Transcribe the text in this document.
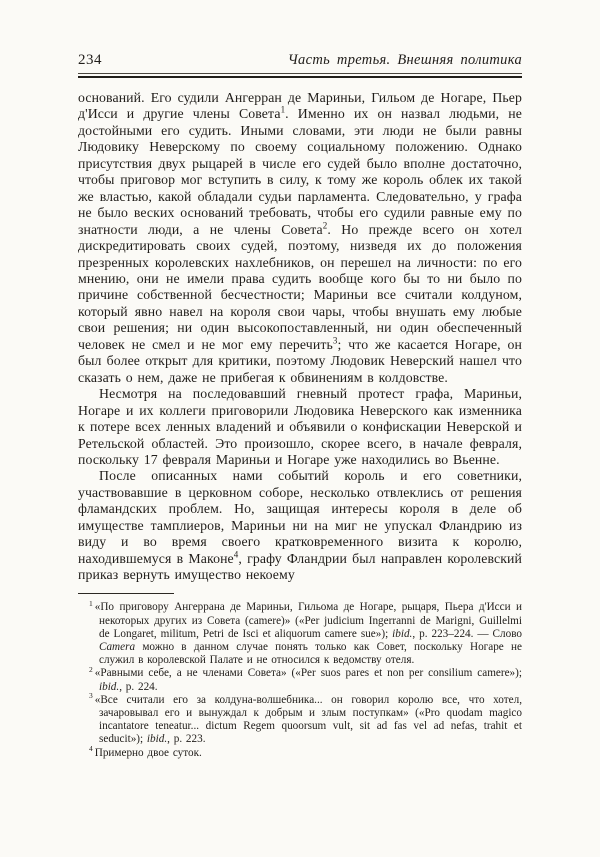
234	Часть третья. Внешняя политика

оснований. Его судили Ангерран де Мариньи, Гильом де Ногаре, Пьер д'Исси и другие члены Совета$^1$. Именно их он назвал людьми, не достойными его судить. Иными словами, эти люди не были равны Людовику Неверскому по своему социальному положению. Однако присутствия двух рыцарей в числе его судей было вполне достаточно, чтобы приговор мог вступить в силу, к тому же король облек их такой же властью, какой обладали судьи парламента. Следовательно, у графа не было веских оснований требовать, чтобы его судили равные ему по знатности люди, а не члены Совета$^2$. Но прежде всего он хотел дискредитировать своих судей, поэтому, низведя их до положения презренных королевских нахлебников, он перешел на личности: по его мнению, они не имели права судить вообще кого бы то ни было по причине собственной бесчестности; Мариньи все считали колдуном, который явно навел на короля свои чары, чтобы внушать ему любые свои решения; ни один высокопоставленный, ни один обеспеченный человек не смел и не мог ему перечить$^3$; что же касается Ногаре, он был более открыт для критики, поэтому Людовик Неверский нашел что сказать о нем, даже не прибегая к обвинениям в колдовстве.

Несмотря на последовавший гневный протест графа, Мариньи, Ногаре и их коллеги приговорили Людовика Неверского как изменника к потере всех ленных владений и объявили о конфискации Неверской и Ретельской областей. Это произошло, скорее всего, в начале февраля, поскольку 17 февраля Мариньи и Ногаре уже находились во Вьенне.

После описанных нами событий король и его советники, участвовавшие в церковном соборе, несколько отвлеклись от решения фламандских проблем. Но, защищая интересы короля в деле об имуществе тамплиеров, Мариньи ни на миг не упускал Фландрию из виду и во время своего кратковременного визита к королю, находившемуся в Маконе$^4$, графу Фландрии был направлен королевский приказ вернуть имущество некоему

$^1$ «По приговору Ангеррана де Мариньи, Гильома де Ногаре, рыцаря, Пьера д'Исси и некоторых других из Совета (camere)» («Per judicium Ingerranni de Marigni, Guillelmi de Longaret, militum, Petri de Isci et aliquorum camere sue»); ibid., p. 223–224. — Слово Camera можно в данном случае понять только как Совет, поскольку Ногаре не служил в королевской Палате и не относился к ведомству отеля.
$^2$ «Равными себе, а не членами Совета» («Per suos pares et non per consilium camere»); ibid., p. 224.
$^3$ «Все считали его за колдуна-волшебника... он говорил королю все, что хотел, зачаровывал его и вынуждал к добрым и злым поступкам» («Pro quodam magico incantatore teneatur... dictum Regem quoorsum vult, sit ad fas vel ad nefas, trahit et seducit»); ibid., p. 223.
$^4$ Примерно двое суток.
